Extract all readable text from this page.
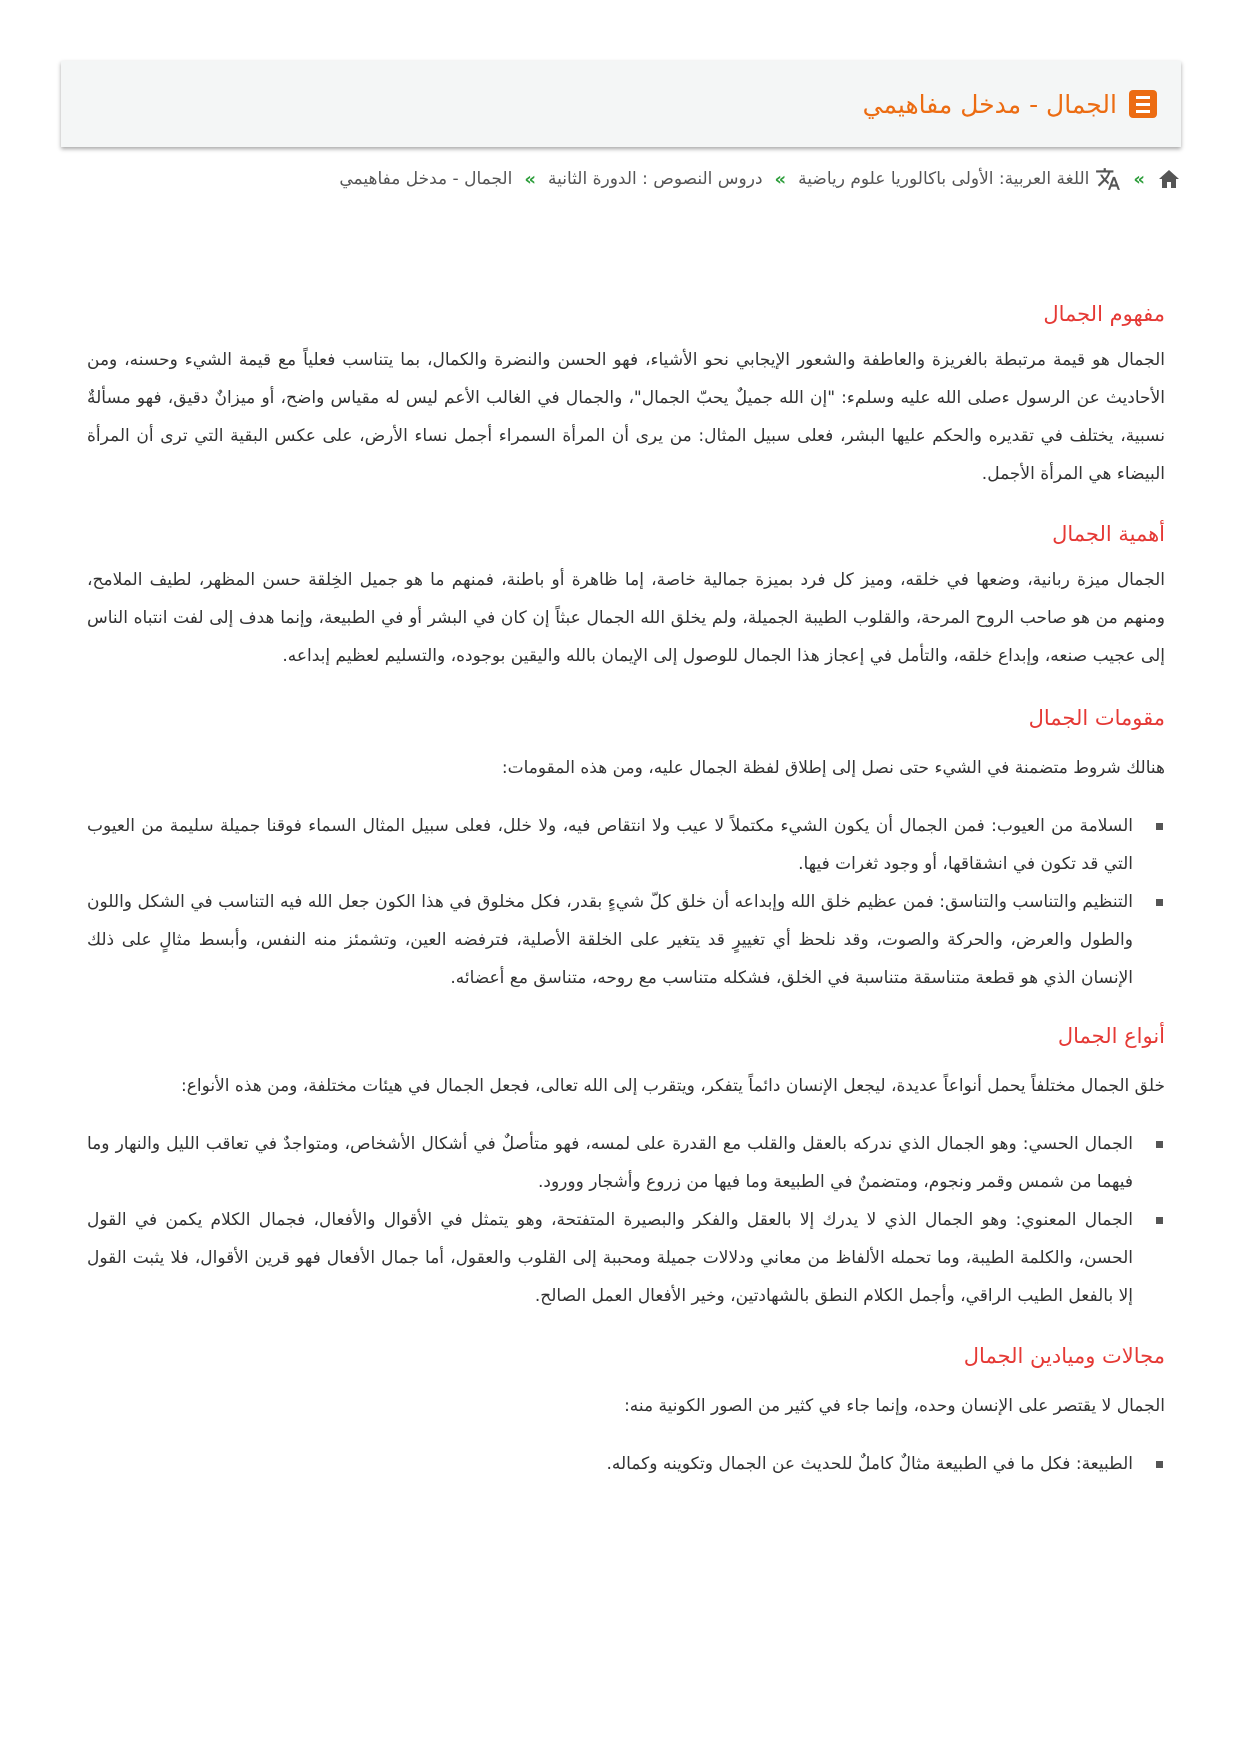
الجمال - مدخل مفاهيمي
»
اللغة العربية: الأولى باكالوريا علوم رياضية
»
دروس النصوص : الدورة الثانية
»
الجمال - مدخل مفاهيمي
مفهوم الجمال

الجمال هو قيمة مرتبطة بالغريزة والعاطفة والشعور الإيجابي نحو الأشياء، فهو الحسن والنضرة والكمال، بما يتناسب فعلياً مع قيمة الشيء وحسنه، ومن الأحاديث عن الرسول ءصلى الله عليه وسلمء: "إن الله جميلٌ يحبّ الجمال"، والجمال في الغالب الأعم ليس له مقياس واضح، أو ميزانٌ دقيق، فهو مسألةٌ نسبية، يختلف في تقديره والحكم عليها البشر، فعلى سبيل المثال: من يرى أن المرأة السمراء أجمل نساء الأرض، على عكس البقية التي ترى أن المرأة البيضاء هي المرأة الأجمل.

أهمية الجمال

الجمال ميزة ربانية، وضعها في خلقه، وميز كل فرد بميزة جمالية خاصة، إما ظاهرة أو باطنة، فمنهم ما هو جميل الخِلقة حسن المظهر، لطيف الملامح، ومنهم من هو صاحب الروح المرحة، والقلوب الطيبة الجميلة، ولم يخلق الله الجمال عبثاً إن كان في البشر أو في الطبيعة، وإنما هدف إلى لفت انتباه الناس إلى عجيب صنعه، وإبداع خلقه، والتأمل في إعجاز هذا الجمال للوصول إلى الإيمان بالله واليقين بوجوده، والتسليم لعظيم إبداعه.

مقومات الجمال

هنالك شروط متضمنة في الشيء حتى نصل إلى إطلاق لفظة الجمال عليه، ومن هذه المقومات:

السلامة من العيوب: فمن الجمال أن يكون الشيء مكتملاً لا عيب ولا انتقاص فيه، ولا خلل، فعلى سبيل المثال السماء فوقنا جميلة سليمة من العيوب التي قد تكون في انشقاقها، أو وجود ثغرات فيها.
التنظيم والتناسب والتناسق: فمن عظيم خلق الله وإبداعه أن خلق كلّ شيءٍ بقدر، فكل مخلوق في هذا الكون جعل الله فيه التناسب في الشكل واللون والطول والعرض، والحركة والصوت، وقد نلحظ أي تغييرٍ قد يتغير على الخلقة الأصلية، فترفضه العين، وتشمئز منه النفس، وأبسط مثالٍ على ذلك الإنسان الذي هو قطعة متناسقة متناسبة في الخلق، فشكله متناسب مع روحه، متناسق مع أعضائه.
أنواع الجمال

خلق الجمال مختلفاً يحمل أنواعاً عديدة، ليجعل الإنسان دائماً يتفكر، ويتقرب إلى الله تعالى، فجعل الجمال في هيئات مختلفة، ومن هذه الأنواع:

الجمال الحسي: وهو الجمال الذي ندركه بالعقل والقلب مع القدرة على لمسه، فهو متأصلٌ في أشكال الأشخاص، ومتواجدٌ في تعاقب الليل والنهار وما فيهما من شمس وقمر ونجوم، ومتضمنٌ في الطبيعة وما فيها من زروع وأشجار وورود.
الجمال المعنوي: وهو الجمال الذي لا يدرك إلا بالعقل والفكر والبصيرة المتفتحة، وهو يتمثل في الأقوال والأفعال، فجمال الكلام يكمن في القول الحسن، والكلمة الطيبة، وما تحمله الألفاظ من معاني ودلالات جميلة ومحببة إلى القلوب والعقول، أما جمال الأفعال فهو قرين الأقوال، فلا يثبت القول إلا بالفعل الطيب الراقي، وأجمل الكلام النطق بالشهادتين، وخير الأفعال العمل الصالح.
مجالات وميادين الجمال

الجمال لا يقتصر على الإنسان وحده، وإنما جاء في كثير من الصور الكونية منه:

الطبيعة: فكل ما في الطبيعة مثالٌ كاملٌ للحديث عن الجمال وتكوينه وكماله.
